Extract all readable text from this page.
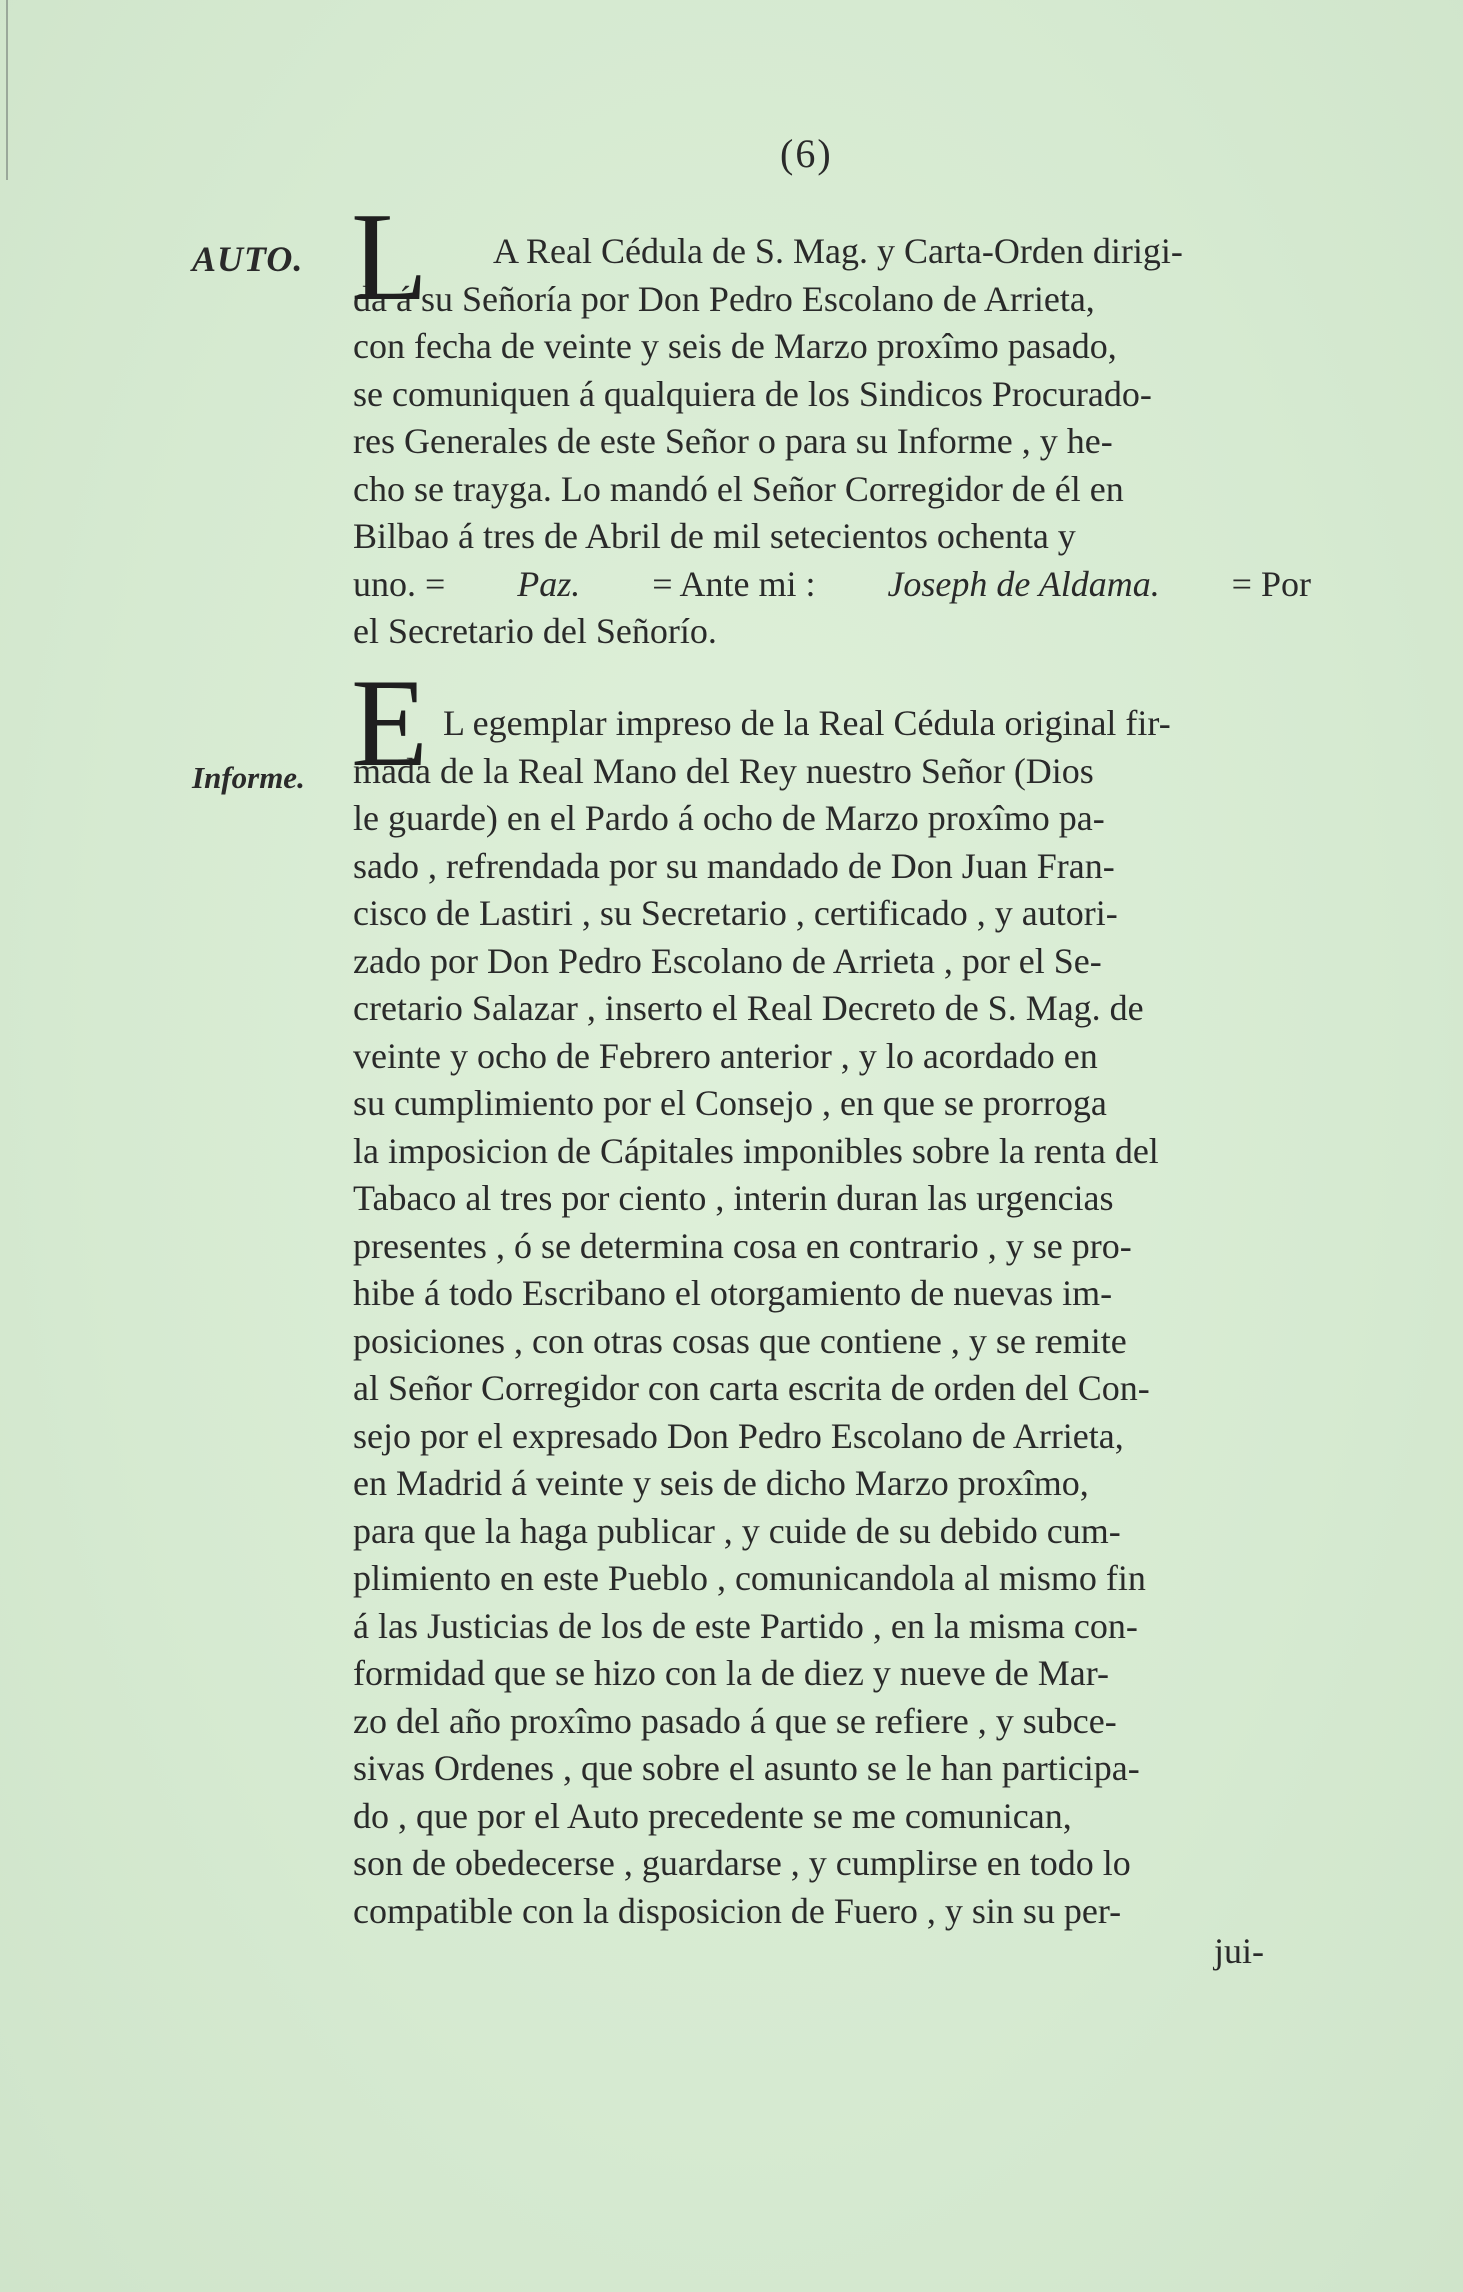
(6)
AUTO.
Informe.
L A Real Cédula de S. Mag. y Carta-Orden dirigi-
da á su Señoría por Don Pedro Escolano de Arrieta,
con fecha de veinte y seis de Marzo proxîmo pasado,
se comuniquen á qualquiera de los Sindicos Procurado-
res Generales de este Señor o para su Informe , y he-
cho se trayga. Lo mandó el Señor Corregidor de él en
Bilbao á tres de Abril de mil setecientos ochenta y
uno. = Paz. = Ante mi : Joseph de Aldama. = Por
el Secretario del Señorío.
E L egemplar impreso de la Real Cédula original fir-
mada de la Real Mano del Rey nuestro Señor (Dios
le guarde) en el Pardo á ocho de Marzo proxîmo pa-
sado , refrendada por su mandado de Don Juan Fran-
cisco de Lastiri , su Secretario , certificado , y autori-
zado por Don Pedro Escolano de Arrieta , por el Se-
cretario Salazar , inserto el Real Decreto de S. Mag. de
veinte y ocho de Febrero anterior , y lo acordado en
su cumplimiento por el Consejo , en que se prorroga
la imposicion de Cápitales imponibles sobre la renta del
Tabaco al tres por ciento , interin duran las urgencias
presentes , ó se determina cosa en contrario , y se pro-
hibe á todo Escribano el otorgamiento de nuevas im-
posiciones , con otras cosas que contiene , y se remite
al Señor Corregidor con carta escrita de orden del Con-
sejo por el expresado Don Pedro Escolano de Arrieta,
en Madrid á veinte y seis de dicho Marzo proxîmo,
para que la haga publicar , y cuide de su debido cum-
plimiento en este Pueblo , comunicandola al mismo fin
á las Justicias de los de este Partido , en la misma con-
formidad que se hizo con la de diez y nueve de Mar-
zo del año proxîmo pasado á que se refiere , y subce-
sivas Ordenes , que sobre el asunto se le han participa-
do , que por el Auto precedente se me comunican,
son de obedecerse , guardarse , y cumplirse en todo lo
compatible con la disposicion de Fuero , y sin su per-
jui-
